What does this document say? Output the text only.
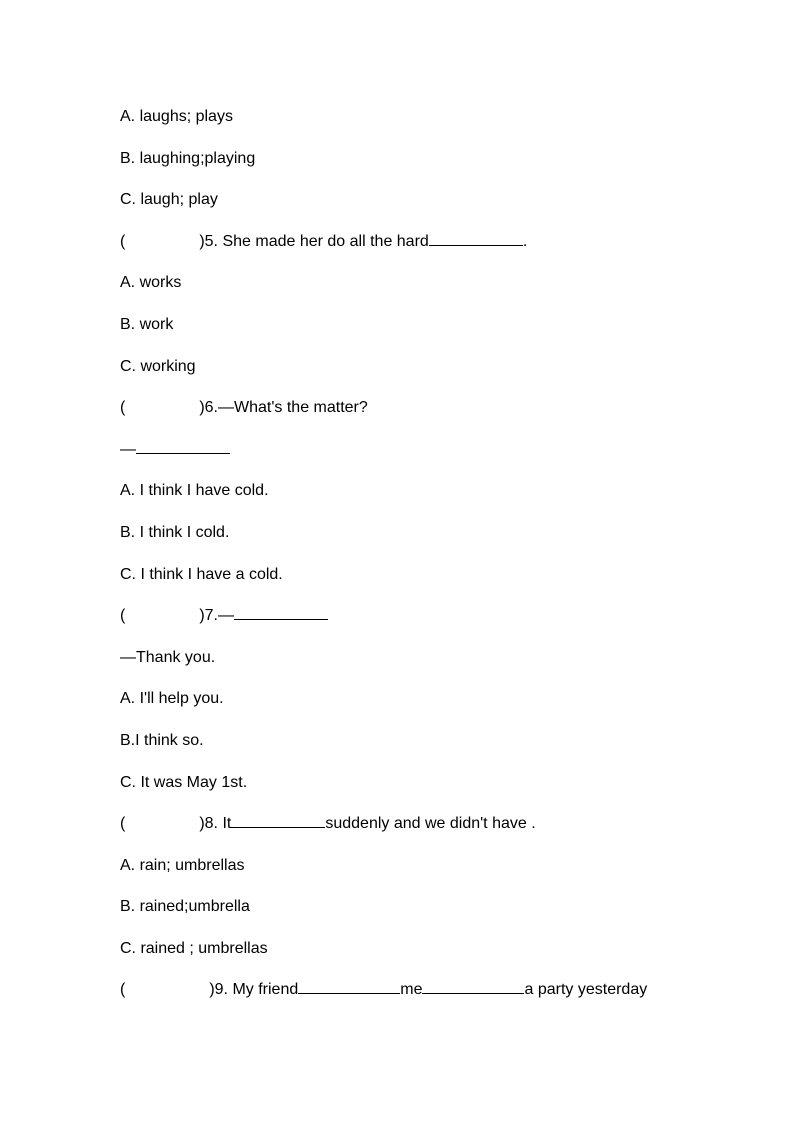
A. laughs; plays
B. laughing;playing
C. laugh; play
(	)5. She made her do all the hard	.
A. works
B. work
C. working
(	)6.—What's the matter?
—
A. I think I have cold.
B. I think I cold.
C. I think I have a cold.
(	)7.—
—Thank you.
A. I'll help you.
B.I think so.
C. It was May 1st.
(	)8. It	suddenly and we didn't have .
A. rain; umbrellas
B. rained;umbrella
C. rained ; umbrellas
(	)9. My friend	me	a party yesterday
